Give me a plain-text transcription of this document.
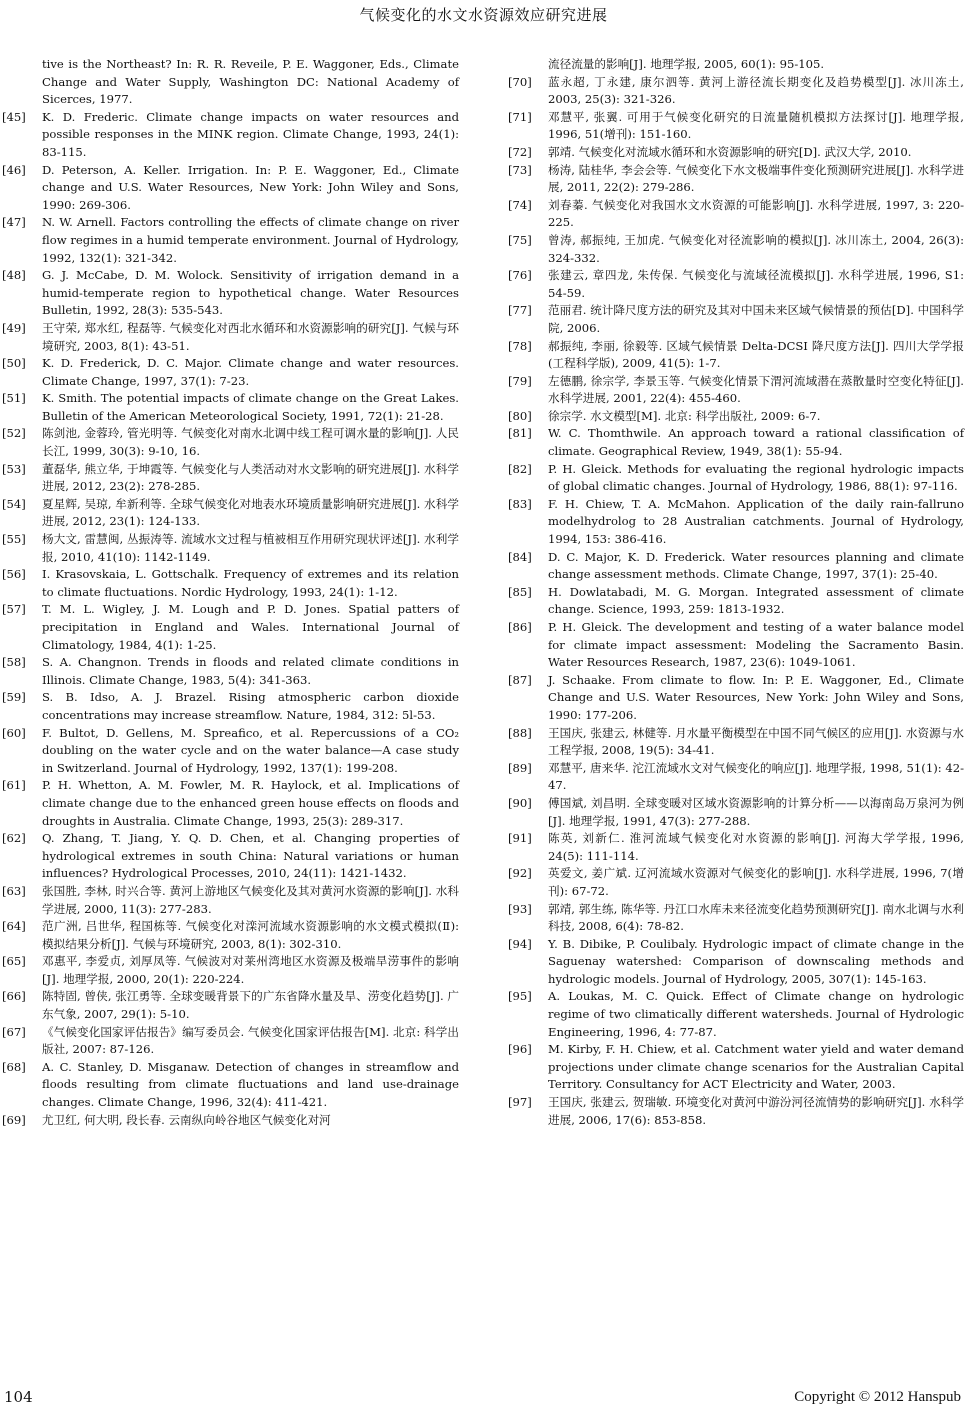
气候变化的水文水资源效应研究进展
tive is the Northeast? In: R. R. Reveile, P. E. Waggoner, Eds., Climate Change and Water Supply, Washington DC: National Academy of Sicerces, 1977.
[45]	K. D. Frederic. Climate change impacts on water resources and possible responses in the MINK region. Climate Change, 1993, 24(1): 83-115.
[46]	D. Peterson, A. Keller. Irrigation. In: P. E. Waggoner, Ed., Climate change and U.S. Water Resources, New York: John Wiley and Sons, 1990: 269-306.
[47]	N. W. Arnell. Factors controlling the effects of climate change on river flow regimes in a humid temperate environment. Journal of Hydrology, 1992, 132(1): 321-342.
[48]	G. J. McCabe, D. M. Wolock. Sensitivity of irrigation demand in a humid-temperate region to hypothetical change. Water Resources Bulletin, 1992, 28(3): 535-543.
[49]	王守荣, 郑水红, 程磊等. 气候变化对西北水循环和水资源影响的研究[J]. 气候与环境研究, 2003, 8(1): 43-51.
[50]	K. D. Frederick, D. C. Major. Climate change and water resources. Climate Change, 1997, 37(1): 7-23.
[51]	K. Smith. The potential impacts of climate change on the Great Lakes. Bulletin of the American Meteorological Society, 1991, 72(1): 21-28.
[52]	陈剑池, 金蓉玲, 管光明等. 气候变化对南水北调中线工程可调水量的影响[J]. 人民长江, 1999, 30(3): 9-10, 16.
[53]	董磊华, 熊立华, 于坤霞等. 气候变化与人类活动对水文影响的研究进展[J]. 水科学进展, 2012, 23(2): 278-285.
[54]	夏星辉, 吴琼, 牟新利等. 全球气候变化对地表水环境质量影响研究进展[J]. 水科学进展, 2012, 23(1): 124-133.
[55]	杨大文, 雷慧闽, 丛振涛等. 流域水文过程与植被相互作用研究现状评述[J]. 水利学报, 2010, 41(10): 1142-1149.
[56]	I. Krasovskaia, L. Gottschalk. Frequency of extremes and its relation to climate fluctuations. Nordic Hydrology, 1993, 24(1): 1-12.
[57]	T. M. L. Wigley, J. M. Lough and P. D. Jones. Spatial patters of precipitation in England and Wales. International Journal of Climatology, 1984, 4(1): 1-25.
[58]	S. A. Changnon. Trends in floods and related climate conditions in Illinois. Climate Change, 1983, 5(4): 341-363.
[59]	S. B. Idso, A. J. Brazel. Rising atmospheric carbon dioxide concentrations may increase streamflow. Nature, 1984, 312: 5l-53.
[60]	F. Bultot, D. Gellens, M. Spreafico, et al. Repercussions of a CO₂ doubling on the water cycle and on the water balance—A case study in Switzerland. Journal of Hydrology, 1992, 137(1): 199-208.
[61]	P. H. Whetton, A. M. Fowler, M. R. Haylock, et al. Implications of climate change due to the enhanced green house effects on floods and droughts in Australia. Climate Change, 1993, 25(3): 289-317.
[62]	Q. Zhang, T. Jiang, Y. Q. D. Chen, et al. Changing properties of hydrological extremes in south China: Natural variations or human influences? Hydrological Processes, 2010, 24(11): 1421-1432.
[63]	张国胜, 李林, 时兴合等. 黄河上游地区气候变化及其对黄河水资源的影响[J]. 水科学进展, 2000, 11(3): 277-283.
[64]	范广洲, 吕世华, 程国栋等. 气候变化对滦河流域水资源影响的水文模式模拟(Ⅱ): 模拟结果分析[J]. 气候与环境研究, 2003, 8(1): 302-310.
[65]	邓惠平, 李爱贞, 刘厚凤等. 气候波对对莱州湾地区水资源及极端旱涝事件的影响[J]. 地理学报, 2000, 20(1): 220-224.
[66]	陈特固, 曾侠, 张江勇等. 全球变暖背景下的广东省降水量及旱、涝变化趋势[J]. 广东气象, 2007, 29(1): 5-10.
[67]	《气候变化国家评估报告》编写委员会. 气候变化国家评估报告[M]. 北京: 科学出版社, 2007: 87-126.
[68]	A. C. Stanley, D. Misganaw. Detection of changes in streamflow and floods resulting from climate fluctuations and land use-drainage changes. Climate Change, 1996, 32(4): 411-421.
[69]	尤卫红, 何大明, 段长春. 云南纵向岭谷地区气候变化对河
流径流量的影响[J]. 地理学报, 2005, 60(1): 95-105.
[70]	蓝永超, 丁永建, 康尔泗等. 黄河上游径流长期变化及趋势模型[J]. 冰川冻土, 2003, 25(3): 321-326.
[71]	邓慧平, 张翼. 可用于气候变化研究的日流量随机模拟方法探讨[J]. 地理学报, 1996, 51(增刊): 151-160.
[72]	郭靖. 气候变化对流域水循环和水资源影响的研究[D]. 武汉大学, 2010.
[73]	杨涛, 陆桂华, 李会会等. 气候变化下水文极端事件变化预测研究进展[J]. 水科学进展, 2011, 22(2): 279-286.
[74]	刘春蓁. 气候变化对我国水文水资源的可能影响[J]. 水科学进展, 1997, 3: 220-225.
[75]	曾涛, 郝振纯, 王加虎. 气候变化对径流影响的模拟[J]. 冰川冻土, 2004, 26(3): 324-332.
[76]	张建云, 章四龙, 朱传保. 气候变化与流域径流模拟[J]. 水科学进展, 1996, S1: 54-59.
[77]	范丽君. 统计降尺度方法的研究及其对中国未来区域气候情景的预估[D]. 中国科学院, 2006.
[78]	郝振纯, 李丽, 徐毅等. 区域气候情景 Delta-DCSI 降尺度方法[J]. 四川大学学报(工程科学版), 2009, 41(5): 1-7.
[79]	左德鹏, 徐宗学, 李景玉等. 气候变化情景下渭河流域潜在蒸散量时空变化特征[J]. 水科学进展, 2001, 22(4): 455-460.
[80]	徐宗学. 水文模型[M]. 北京: 科学出版社, 2009: 6-7.
[81]	W. C. Thomthwile. An approach toward a rational classification of climate. Geographical Review, 1949, 38(1): 55-94.
[82]	P. H. Gleick. Methods for evaluating the regional hydrologic impacts of global climatic changes. Journal of Hydrology, 1986, 88(1): 97-116.
[83]	F. H. Chiew, T. A. McMahon. Application of the daily rain-fallruno modelhydrolog to 28 Australian catchments. Journal of Hydrology, 1994, 153: 386-416.
[84]	D. C. Major, K. D. Frederick. Water resources planning and climate change assessment methods. Climate Change, 1997, 37(1): 25-40.
[85]	H. Dowlatabadi, M. G. Morgan. Integrated assessment of climate change. Science, 1993, 259: 1813-1932.
[86]	P. H. Gleick. The development and testing of a water balance model for climate impact assessment: Modeling the Sacramento Basin. Water Resources Research, 1987, 23(6): 1049-1061.
[87]	J. Schaake. From climate to flow. In: P. E. Waggoner, Ed., Climate Change and U.S. Water Resources, New York: John Wiley and Sons, 1990: 177-206.
[88]	王国庆, 张建云, 林健等. 月水量平衡模型在中国不同气候区的应用[J]. 水资源与水工程学报, 2008, 19(5): 34-41.
[89]	邓慧平, 唐来华. 沱江流域水文对气候变化的响应[J]. 地理学报, 1998, 51(1): 42-47.
[90]	傅国斌, 刘昌明. 全球变暖对区域水资源影响的计算分析——以海南岛万泉河为例[J]. 地理学报, 1991, 47(3): 277-288.
[91]	陈英, 刘新仁. 淮河流域气候变化对水资源的影响[J]. 河海大学学报, 1996, 24(5): 111-114.
[92]	英爱文, 姜广斌. 辽河流域水资源对气候变化的影响[J]. 水科学进展, 1996, 7(增刊): 67-72.
[93]	郭靖, 郭生练, 陈华等. 丹江口水库未来径流变化趋势预测研究[J]. 南水北调与水利科技, 2008, 6(4): 78-82.
[94]	Y. B. Dibike, P. Coulibaly. Hydrologic impact of climate change in the Saguenay watershed: Comparison of downscaling methods and hydrologic models. Journal of Hydrology, 2005, 307(1): 145-163.
[95]	A. Loukas, M. C. Quick. Effect of Climate change on hydrologic regime of two climatically different watersheds. Journal of Hydrologic Engineering, 1996, 4: 77-87.
[96]	M. Kirby, F. H. Chiew, et al. Catchment water yield and water demand projections under climate change scenarios for the Australian Capital Territory. Consultancy for ACT Electricity and Water, 2003.
[97]	王国庆, 张建云, 贺瑞敏. 环境变化对黄河中游汾河径流情势的影响研究[J]. 水科学进展, 2006, 17(6): 853-858.
104	Copyright © 2012 Hanspub
